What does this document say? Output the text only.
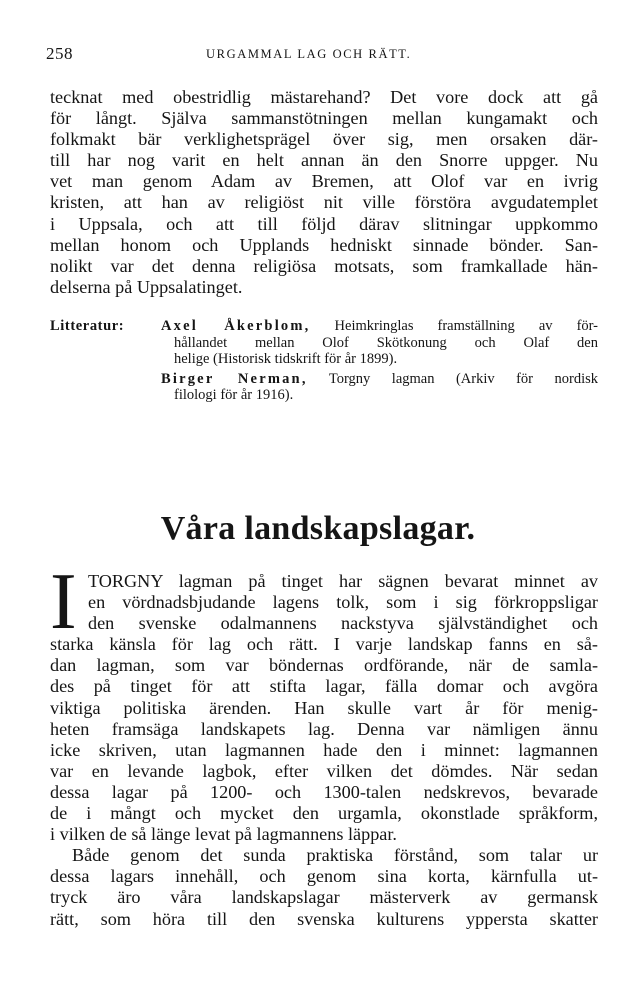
258	URGAMMAL LAG OCH RÄTT.
tecknat med obestridlig mästarehand? Det vore dock att gå
för långt. Själva sammanstötningen mellan kungamakt och
folkmakt bär verklighetsprägel över sig, men orsaken där-
till har nog varit en helt annan än den Snorre uppger. Nu
vet man genom Adam av Bremen, att Olof var en ivrig
kristen, att han av religiöst nit ville förstöra avgudatemplet
i Uppsala, och att till följd därav slitningar uppkommo
mellan honom och Upplands hedniskt sinnade bönder. San-
nolikt var det denna religiösa motsats, som framkallade hän-
delserna på Uppsalatinget.
Litteratur:	Axel Åkerblom, Heimkringlas framställning av för-
hållandet mellan Olof Skötkonung och Olaf den
helige (Historisk tidskrift för år 1899).
Birger Nerman, Torgny lagman (Arkiv för nordisk
filologi för år 1916).
Våra landskapslagar.
I TORGNY lagman på tinget har sägnen bevarat minnet av
en vördnadsbjudande lagens tolk, som i sig förkroppsligar
den svenske odalmannens nackstyva självständighet och
starka känsla för lag och rätt. I varje landskap fanns en så-
dan lagman, som var böndernas ordförande, när de samla-
des på tinget för att stifta lagar, fälla domar och avgöra
viktiga politiska ärenden. Han skulle vart år för menig-
heten framsäga landskapets lag. Denna var nämligen ännu
icke skriven, utan lagmannen hade den i minnet: lagmannen
var en levande lagbok, efter vilken det dömdes. När sedan
dessa lagar på 1200- och 1300-talen nedskrevos, bevarade
de i mångt och mycket den urgamla, okonstlade språkform,
i vilken de så länge levat på lagmannens läppar.
Både genom det sunda praktiska förstånd, som talar ur
dessa lagars innehåll, och genom sina korta, kärnfulla ut-
tryck äro våra landskapslagar mästerverk av germansk
rätt, som höra till den svenska kulturens yppersta skatter
